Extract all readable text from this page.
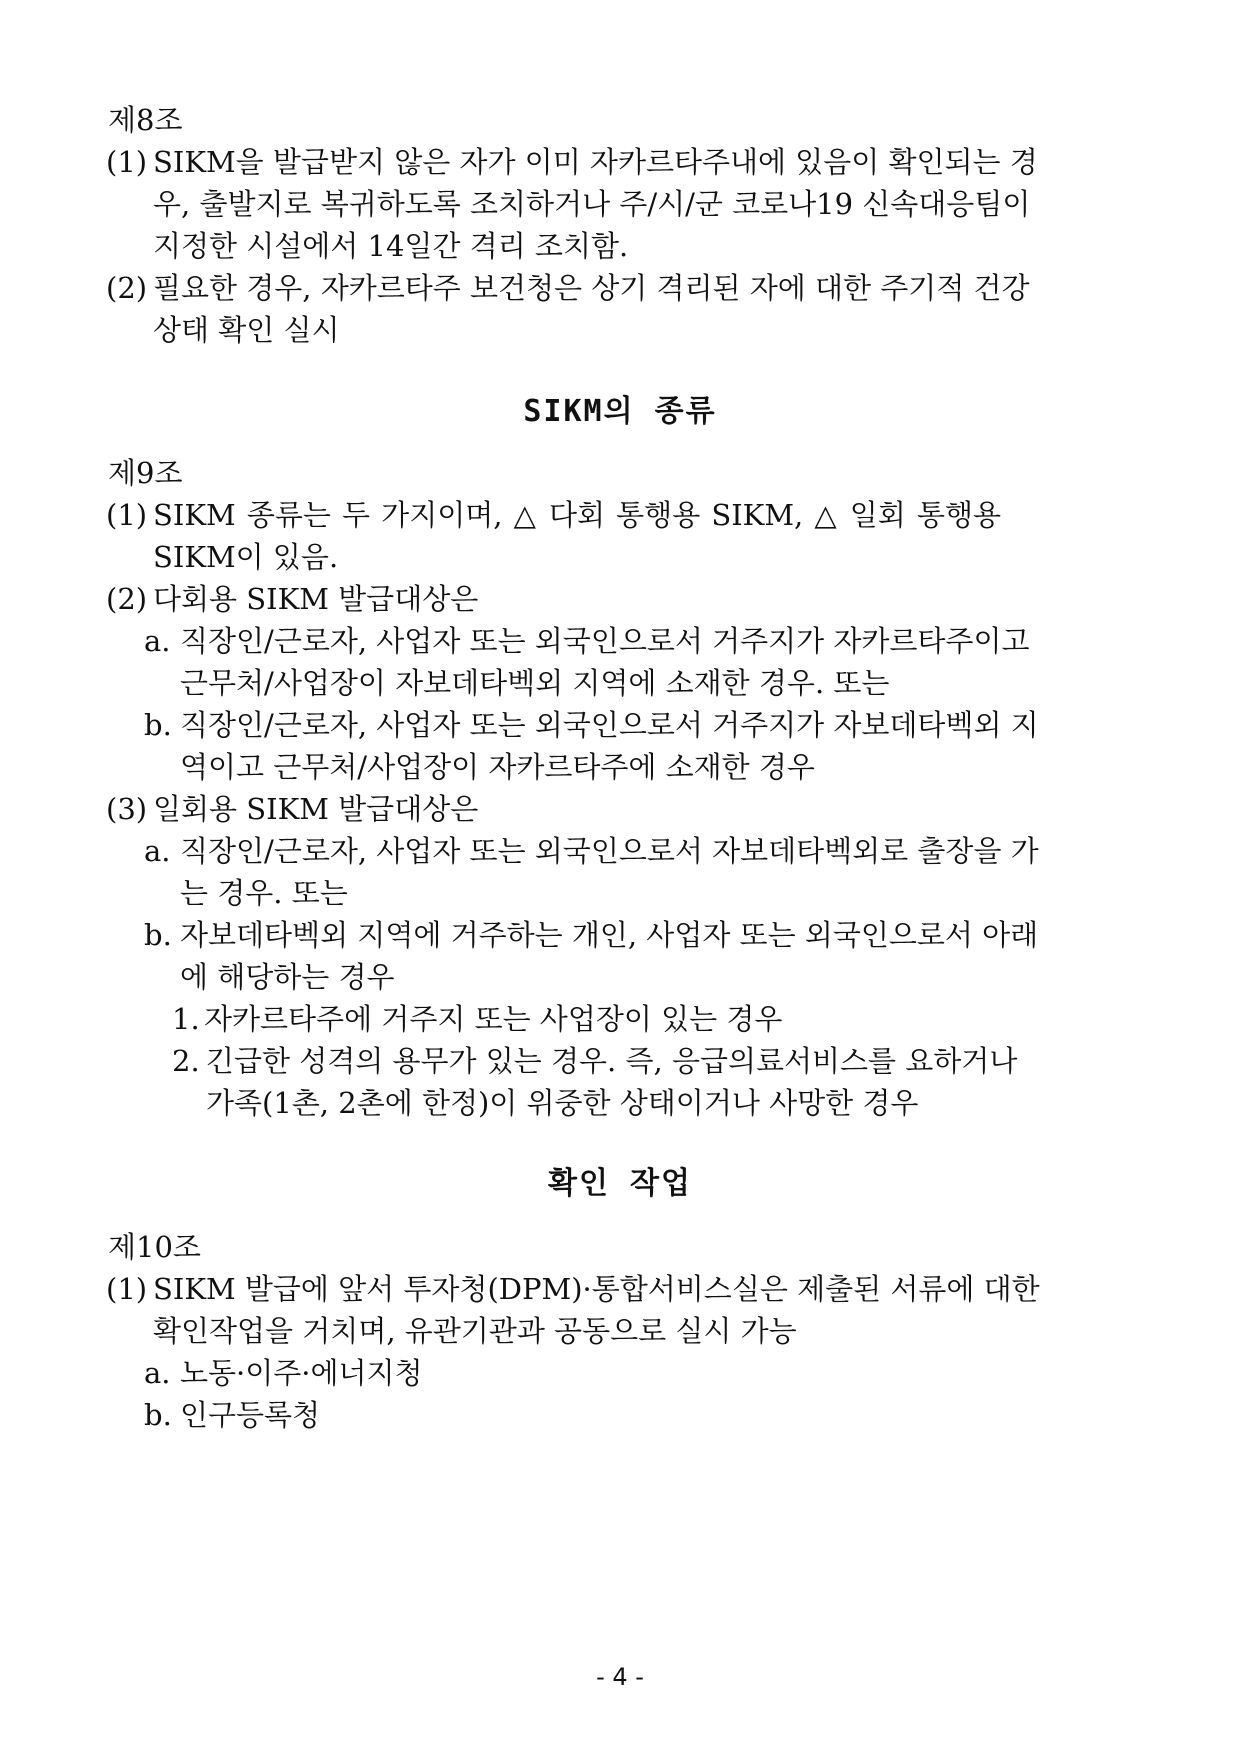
제8조
(1) SIKM을 발급받지 않은 자가 이미 자카르타주내에 있음이 확인되는 경
우, 출발지로 복귀하도록 조치하거나 주/시/군 코로나19 신속대응팀이
지정한 시설에서 14일간 격리 조치함.
(2) 필요한 경우, 자카르타주 보건청은 상기 격리된 자에 대한 주기적 건강
상태 확인 실시
SIKM의 종류
제9조
(1) SIKM 종류는 두 가지이며, △ 다회 통행용 SIKM, △ 일회 통행용
SIKM이 있음.
(2) 다회용 SIKM 발급대상은
a. 직장인/근로자, 사업자 또는 외국인으로서 거주지가 자카르타주이고
근무처/사업장이 자보데타벡외 지역에 소재한 경우. 또는
b. 직장인/근로자, 사업자 또는 외국인으로서 거주지가 자보데타벡외 지
역이고 근무처/사업장이 자카르타주에 소재한 경우
(3) 일회용 SIKM 발급대상은
a. 직장인/근로자, 사업자 또는 외국인으로서 자보데타벡외로 출장을 가
는 경우. 또는
b. 자보데타벡외 지역에 거주하는 개인, 사업자 또는 외국인으로서 아래
에 해당하는 경우
1. 자카르타주에 거주지 또는 사업장이 있는 경우
2. 긴급한 성격의 용무가 있는 경우. 즉, 응급의료서비스를 요하거나
가족(1촌, 2촌에 한정)이 위중한 상태이거나 사망한 경우
확인 작업
제10조
(1) SIKM 발급에 앞서 투자청(DPM)·통합서비스실은 제출된 서류에 대한
확인작업을 거치며, 유관기관과 공동으로 실시 가능
a. 노동·이주·에너지청
b. 인구등록청
- 4 -
